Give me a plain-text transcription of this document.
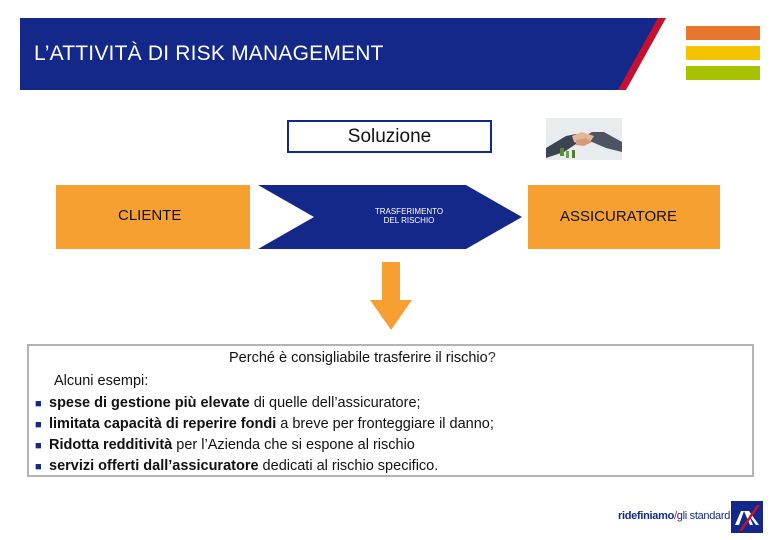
L’ATTIVITÀ DI RISK MANAGEMENT
Soluzione
CLIENTE	TRASFERIMENTO
DEL RISCHIO	ASSICURATORE
Perché è consigliabile trasferire il rischio?
Alcuni esempi:
■ spese di gestione più elevate di quelle dell’assicuratore;
■ limitata capacità di reperire fondi a breve per fronteggiare il danno;
■ Ridotta redditività per l’Azienda che si espone al rischio
■ servizi offerti dall’assicuratore dedicati al rischio specifico.
ridefiniamo/gli standard
